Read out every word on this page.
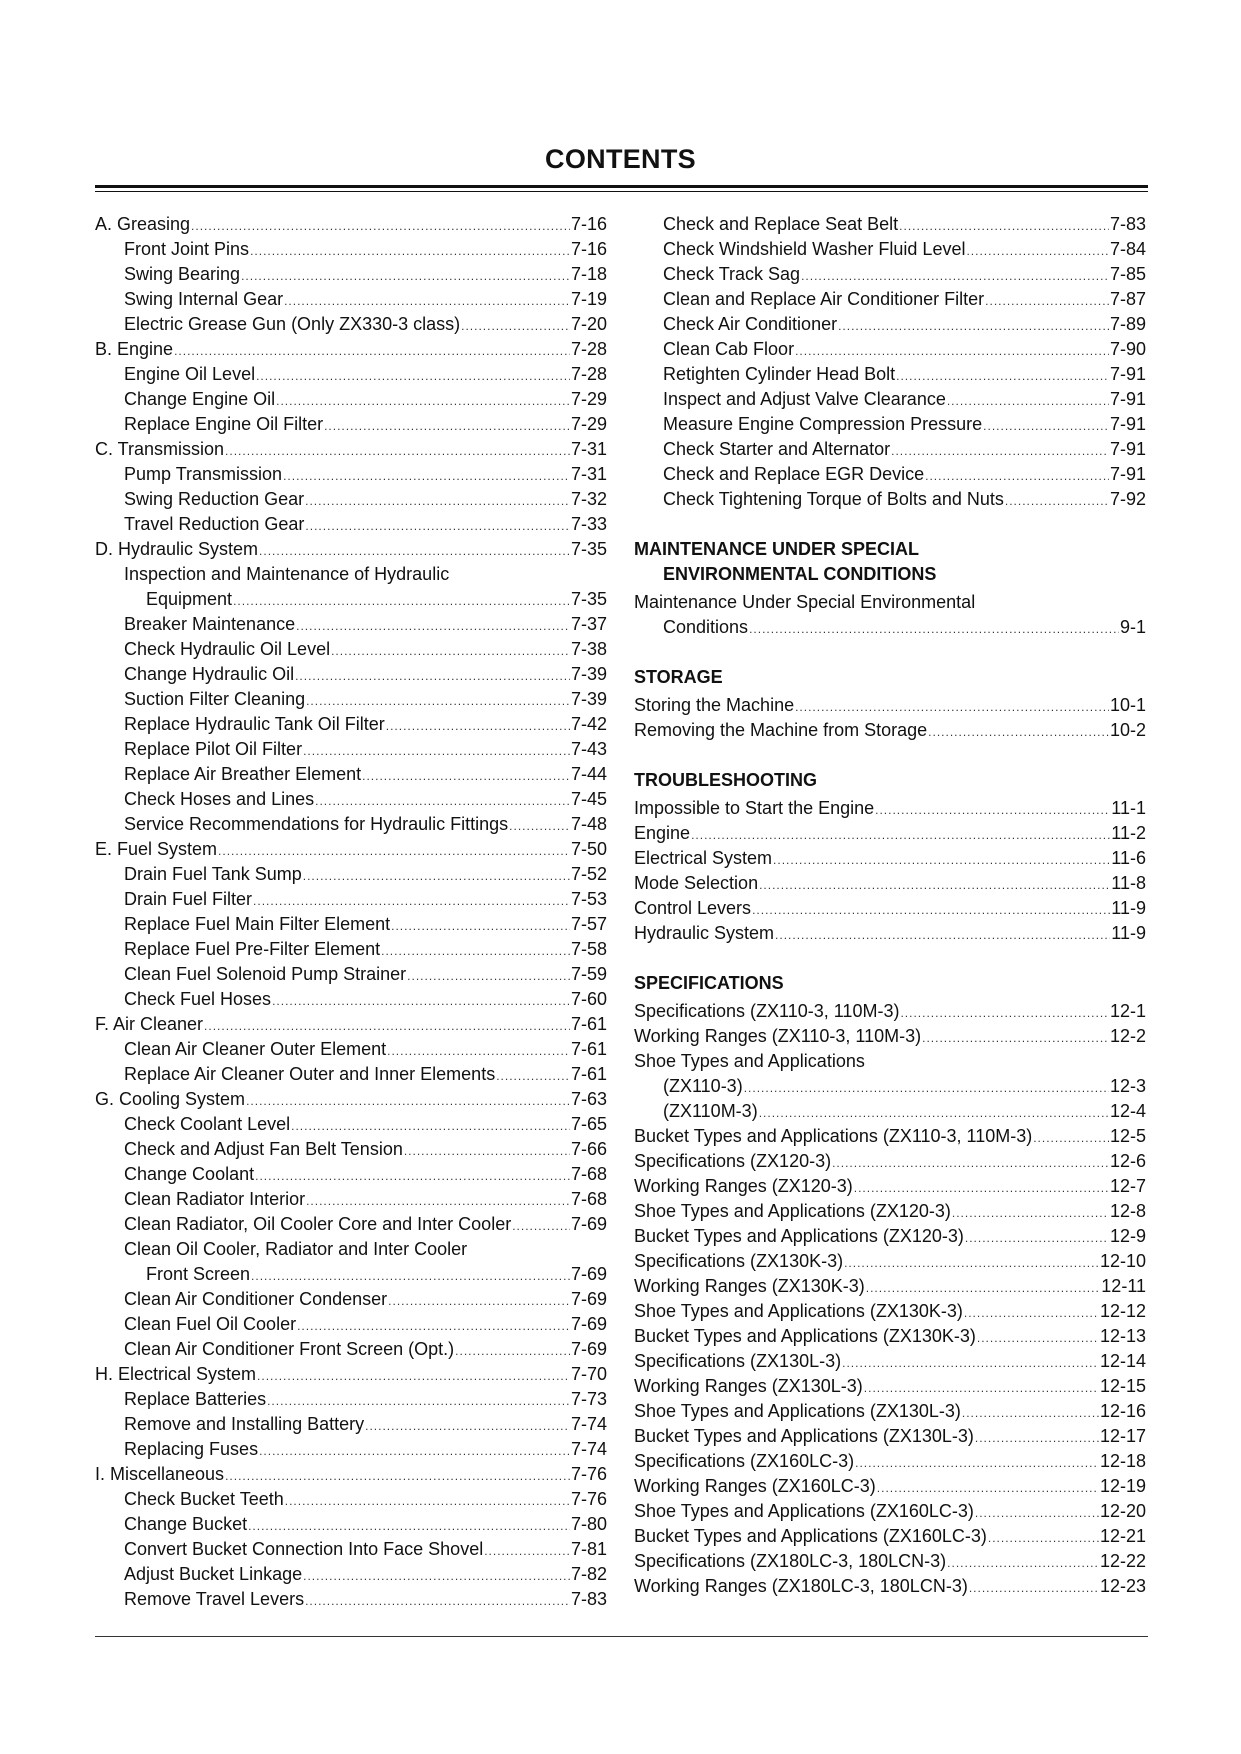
CONTENTS
A. Greasing .....	7-16
Front Joint Pins .....	7-16
Swing Bearing .....	7-18
Swing Internal Gear .....	7-19
Electric Grease Gun (Only ZX330-3 class) .....	7-20
B. Engine .....	7-28
Engine Oil Level .....	7-28
Change Engine Oil .....	7-29
Replace Engine Oil Filter .....	7-29
C. Transmission .....	7-31
Pump Transmission .....	7-31
Swing Reduction Gear .....	7-32
Travel Reduction Gear .....	7-33
D. Hydraulic System .....	7-35
Inspection and Maintenance of Hydraulic
Equipment .....	7-35
Breaker Maintenance .....	7-37
Check Hydraulic Oil Level .....	7-38
Change Hydraulic Oil .....	7-39
Suction Filter Cleaning .....	7-39
Replace Hydraulic Tank Oil Filter .....	7-42
Replace Pilot Oil Filter .....	7-43
Replace Air Breather Element .....	7-44
Check Hoses and Lines .....	7-45
Service Recommendations for Hydraulic Fittings .....	7-48
E. Fuel System .....	7-50
Drain Fuel Tank Sump .....	7-52
Drain Fuel Filter .....	7-53
Replace Fuel Main Filter Element .....	7-57
Replace Fuel Pre-Filter Element .....	7-58
Clean Fuel Solenoid Pump Strainer .....	7-59
Check Fuel Hoses .....	7-60
F. Air Cleaner .....	7-61
Clean Air Cleaner Outer Element .....	7-61
Replace Air Cleaner Outer and Inner Elements .....	7-61
G. Cooling System .....	7-63
Check Coolant Level .....	7-65
Check and Adjust Fan Belt Tension .....	7-66
Change Coolant .....	7-68
Clean Radiator Interior .....	7-68
Clean Radiator, Oil Cooler Core and Inter Cooler .....	7-69
Clean Oil Cooler, Radiator and Inter Cooler
Front Screen .....	7-69
Clean Air Conditioner Condenser .....	7-69
Clean Fuel Oil Cooler .....	7-69
Clean Air Conditioner Front Screen (Opt.) .....	7-69
H. Electrical System .....	7-70
Replace Batteries .....	7-73
Remove and Installing Battery .....	7-74
Replacing Fuses .....	7-74
I. Miscellaneous .....	7-76
Check Bucket Teeth .....	7-76
Change Bucket .....	7-80
Convert Bucket Connection Into Face Shovel .....	7-81
Adjust Bucket Linkage .....	7-82
Remove Travel Levers .....	7-83
Check and Replace Seat Belt .....	7-83
Check Windshield Washer Fluid Level .....	7-84
Check Track Sag .....	7-85
Clean and Replace Air Conditioner Filter .....	7-87
Check Air Conditioner .....	7-89
Clean Cab Floor .....	7-90
Retighten Cylinder Head Bolt .....	7-91
Inspect and Adjust Valve Clearance .....	7-91
Measure Engine Compression Pressure .....	7-91
Check Starter and Alternator .....	7-91
Check and Replace EGR Device .....	7-91
Check Tightening Torque of Bolts and Nuts .....	7-92
MAINTENANCE UNDER SPECIAL
ENVIRONMENTAL CONDITIONS
Maintenance Under Special Environmental
Conditions .....	9-1
STORAGE
Storing the Machine .....	10-1
Removing the Machine from Storage .....	10-2
TROUBLESHOOTING
Impossible to Start the Engine .....	11-1
Engine .....	11-2
Electrical System .....	11-6
Mode Selection .....	11-8
Control Levers .....	11-9
Hydraulic System .....	11-9
SPECIFICATIONS
Specifications (ZX110-3, 110M-3) .....	12-1
Working Ranges (ZX110-3, 110M-3) .....	12-2
Shoe Types and Applications
(ZX110-3) .....	12-3
(ZX110M-3) .....	12-4
Bucket Types and Applications (ZX110-3, 110M-3) .....	12-5
Specifications (ZX120-3) .....	12-6
Working Ranges (ZX120-3) .....	12-7
Shoe Types and Applications (ZX120-3) .....	12-8
Bucket Types and Applications (ZX120-3) .....	12-9
Specifications (ZX130K-3) .....	12-10
Working Ranges (ZX130K-3) .....	12-11
Shoe Types and Applications (ZX130K-3) .....	12-12
Bucket Types and Applications (ZX130K-3) .....	12-13
Specifications (ZX130L-3) .....	12-14
Working Ranges (ZX130L-3) .....	12-15
Shoe Types and Applications (ZX130L-3) .....	12-16
Bucket Types and Applications (ZX130L-3) .....	12-17
Specifications (ZX160LC-3) .....	12-18
Working Ranges (ZX160LC-3) .....	12-19
Shoe Types and Applications (ZX160LC-3) .....	12-20
Bucket Types and Applications (ZX160LC-3) .....	12-21
Specifications (ZX180LC-3, 180LCN-3) .....	12-22
Working Ranges (ZX180LC-3, 180LCN-3) .....	12-23
